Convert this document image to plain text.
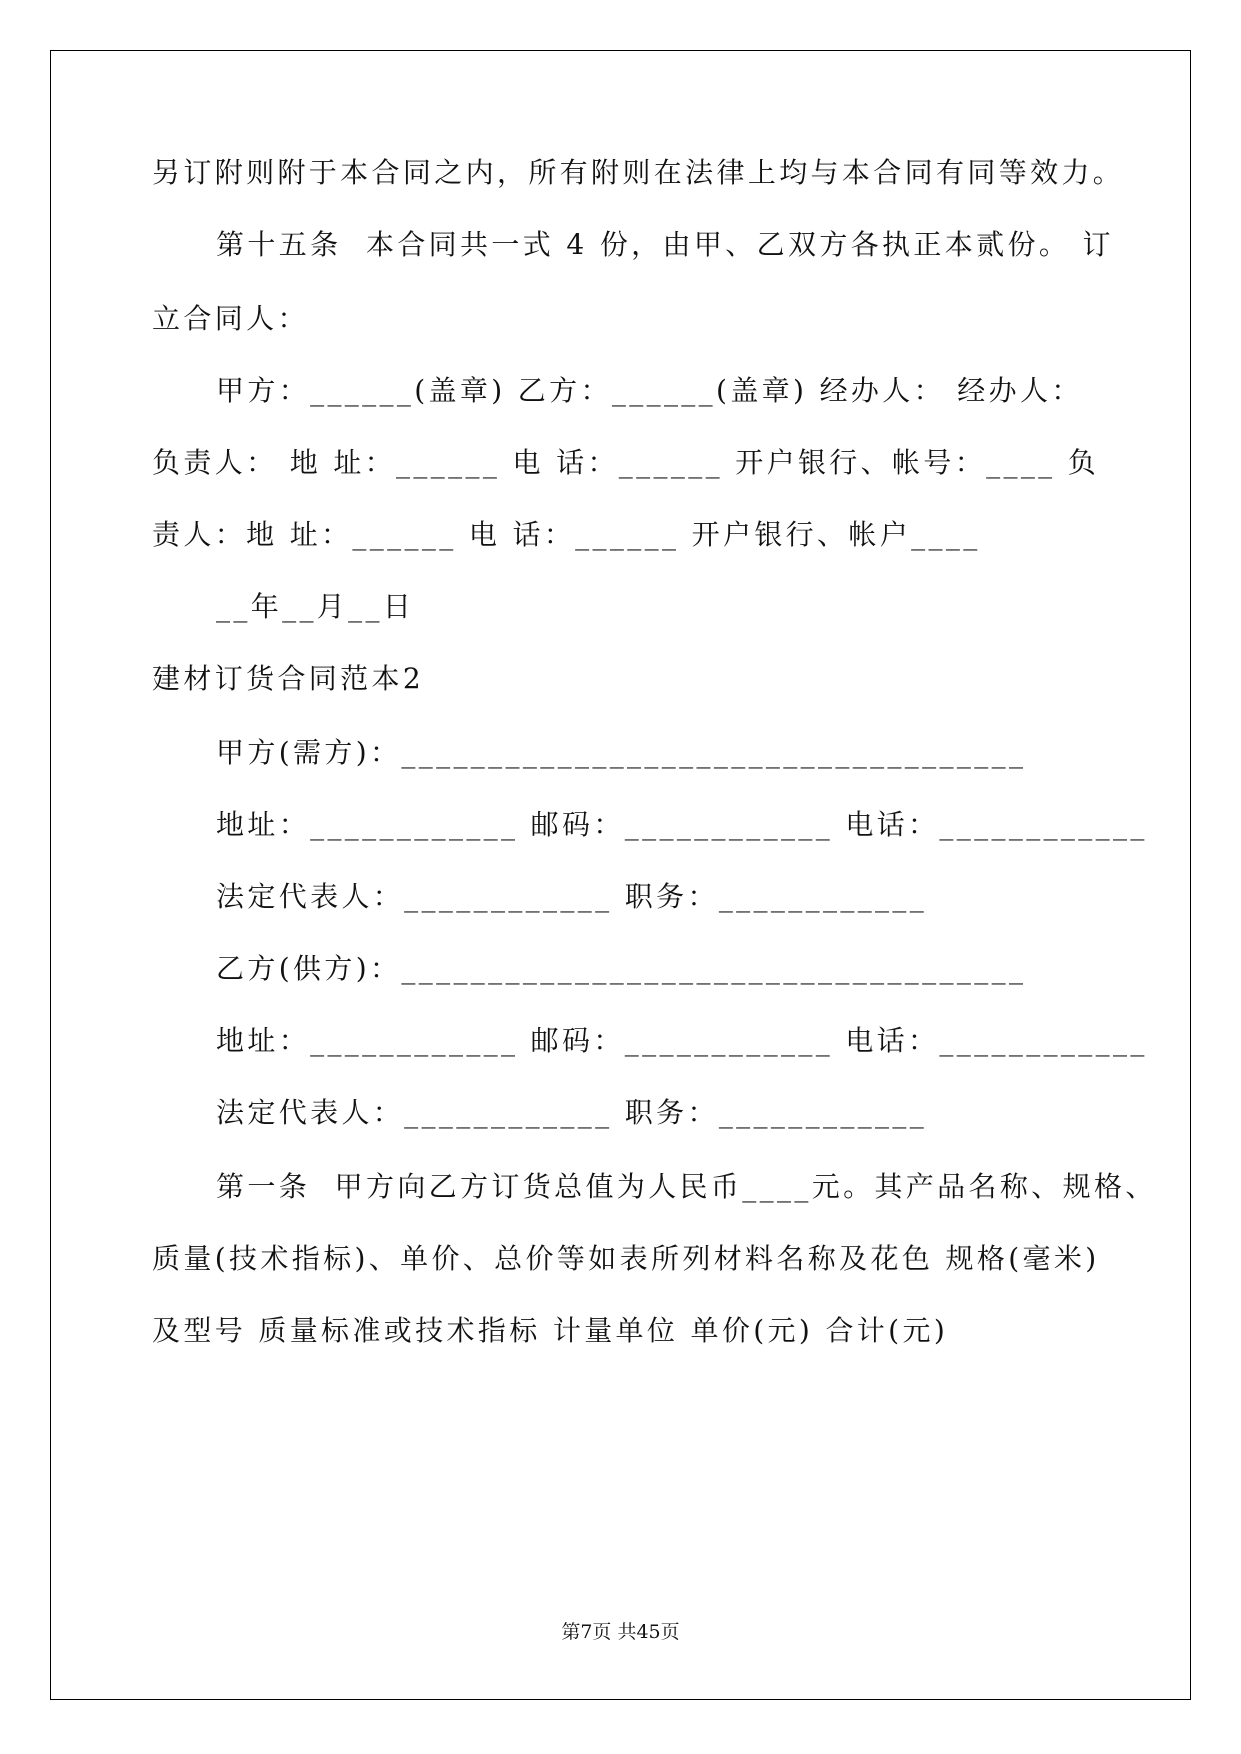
另订附则附于本合同之内，所有附则在法律上均与本合同有同等效力。
第十五条  本合同共一式 4 份，由甲、乙双方各执正本贰份。 订
立合同人：
甲方：______(盖章) 乙方：______(盖章) 经办人： 经办人：
负责人： 地 址：______ 电 话：______ 开户银行、帐号：____ 负
责人：地 址：______ 电 话：______ 开户银行、帐户____
__年__月__日
建材订货合同范本2
甲方(需方)：____________________________________
地址：____________ 邮码：____________ 电话：____________
法定代表人：____________ 职务：____________
乙方(供方)：____________________________________
地址：____________ 邮码：____________ 电话：____________
法定代表人：____________ 职务：____________
第一条  甲方向乙方订货总值为人民币____元。其产品名称、规格、
质量(技术指标)、单价、总价等如表所列材料名称及花色 规格(毫米)
及型号 质量标准或技术指标 计量单位 单价(元) 合计(元)
第7页 共45页
